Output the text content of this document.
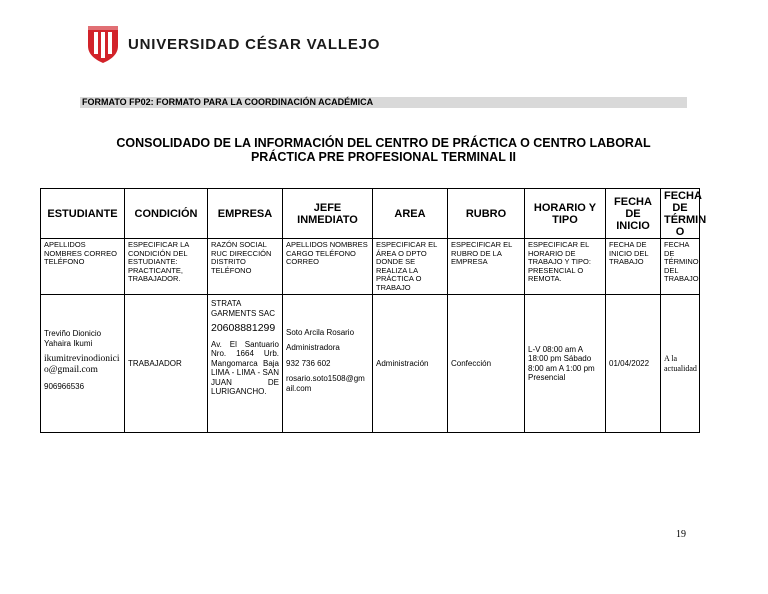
UNIVERSIDAD CÉSAR VALLEJO
FORMATO FP02: FORMATO PARA LA COORDINACIÓN ACADÉMICA
CONSOLIDADO DE LA INFORMACIÓN DEL CENTRO DE PRÁCTICA O CENTRO LABORAL
PRÁCTICA PRE PROFESIONAL TERMINAL II
ESTUDIANTE	CONDICIÓN	EMPRESA	JEFE INMEDIATO	AREA	RUBRO	HORARIO Y TIPO	FECHA DE INICIO	FECHA DE TÉRMIN O
APELLIDOS NOMBRES CORREO TELÉFONO	ESPECIFICAR LA CONDICIÓN DEL ESTUDIANTE: PRACTICANTE, TRABAJADOR.	RAZÓN SOCIAL RUC DIRECCIÓN DISTRITO TELÉFONO	APELLIDOS NOMBRES CARGO TELÉFONO CORREO	ESPECIFICAR EL ÁREA O DPTO DONDE SE REALIZA LA PRÁCTICA O TRABAJO	ESPECIFICAR EL RUBRO DE LA EMPRESA	ESPECIFICAR EL HORARIO DE TRABAJO Y TIPO: PRESENCIAL O REMOTA.	FECHA DE INICIO DEL TRABAJO	FECHA DE TÉRMINO DEL TRABAJO

Treviño Dionicio Yahaira Ikumi
ikumitrevinodionicio@gmail.com
906966536	TRABAJADOR	STRATA GARMENTS SAC
20608881299
Av. El Santuario Nro. 1664 Urb. Mangomarca Baja LIMA - LIMA - SAN JUAN DE LURIGANCHO.	Soto Arcila Rosario
Administradora
932 736 602
rosario.soto1508@gmail.com	Administración	Confección	L-V 08:00 am A 18:00 pm Sábado 8:00 am A 1:00 pm Presencial	01/04/2022	A la actualidad
19
